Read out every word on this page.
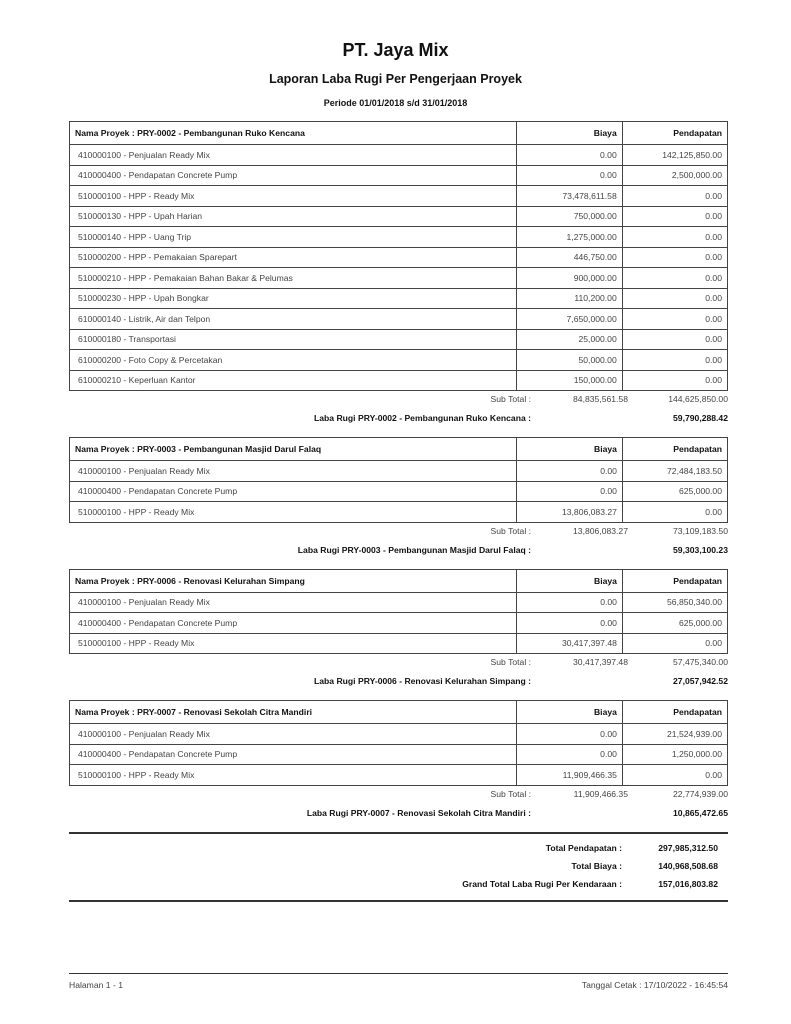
PT. Jaya Mix
Laporan Laba Rugi Per Pengerjaan Proyek
Periode 01/01/2018 s/d 31/01/2018
Nama Proyek : PRY-0002 - Pembangunan Ruko Kencana	Biaya	Pendapatan
410000100 - Penjualan Ready Mix	0.00	142,125,850.00
410000400 - Pendapatan Concrete Pump	0.00	2,500,000.00
510000100 - HPP - Ready Mix	73,478,611.58	0.00
510000130 - HPP - Upah Harian	750,000.00	0.00
510000140 - HPP - Uang Trip	1,275,000.00	0.00
510000200 - HPP - Pemakaian Sparepart	446,750.00	0.00
510000210 - HPP - Pemakaian Bahan Bakar & Pelumas	900,000.00	0.00
510000230 - HPP - Upah Bongkar	110,200.00	0.00
610000140 - Listrik, Air dan Telpon	7,650,000.00	0.00
610000180 - Transportasi	25,000.00	0.00
610000200 - Foto Copy & Percetakan	50,000.00	0.00
610000210 - Keperluan Kantor	150,000.00	0.00
Sub Total :	84,835,561.58	144,625,850.00
Laba Rugi PRY-0002 - Pembangunan Ruko Kencana :	59,790,288.42
Nama Proyek : PRY-0003 - Pembangunan Masjid Darul Falaq	Biaya	Pendapatan
410000100 - Penjualan Ready Mix	0.00	72,484,183.50
410000400 - Pendapatan Concrete Pump	0.00	625,000.00
510000100 - HPP - Ready Mix	13,806,083.27	0.00
Sub Total :	13,806,083.27	73,109,183.50
Laba Rugi PRY-0003 - Pembangunan Masjid Darul Falaq :	59,303,100.23
Nama Proyek : PRY-0006 - Renovasi Kelurahan Simpang	Biaya	Pendapatan
410000100 - Penjualan Ready Mix	0.00	56,850,340.00
410000400 - Pendapatan Concrete Pump	0.00	625,000.00
510000100 - HPP - Ready Mix	30,417,397.48	0.00
Sub Total :	30,417,397.48	57,475,340.00
Laba Rugi PRY-0006 - Renovasi Kelurahan Simpang :	27,057,942.52
Nama Proyek : PRY-0007 - Renovasi Sekolah Citra Mandiri	Biaya	Pendapatan
410000100 - Penjualan Ready Mix	0.00	21,524,939.00
410000400 - Pendapatan Concrete Pump	0.00	1,250,000.00
510000100 - HPP - Ready Mix	11,909,466.35	0.00
Sub Total :	11,909,466.35	22,774,939.00
Laba Rugi PRY-0007 - Renovasi Sekolah Citra Mandiri :	10,865,472.65
Total Pendapatan :	297,985,312.50
Total Biaya :	140,968,508.68
Grand Total Laba Rugi Per Kendaraan :	157,016,803.82
Halaman 1 - 1	Tanggal Cetak : 17/10/2022 - 16:45:54
